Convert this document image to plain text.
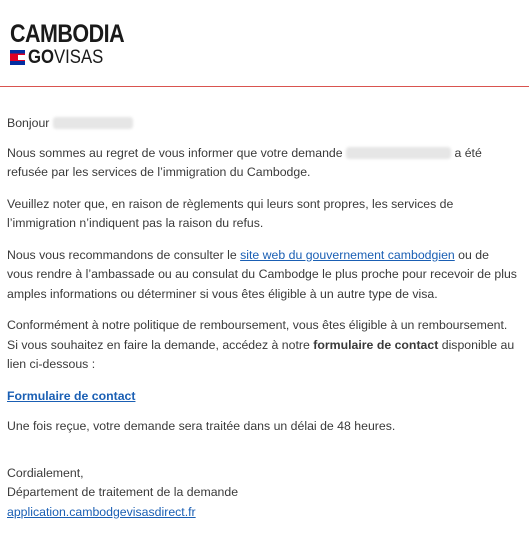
CAMBODIA
GO VISAS

Bonjour

Nous sommes au regret de vous informer que votre demande	a été refusée par les services de l’immigration du Cambodge.

Veuillez noter que, en raison de règlements qui leurs sont propres, les services de l’immigration n’indiquent pas la raison du refus.

Nous vous recommandons de consulter le site web du gouvernement cambodgien ou de vous rendre à l’ambassade ou au consulat du Cambodge le plus proche pour recevoir de plus amples informations ou déterminer si vous êtes éligible à un autre type de visa.

Conformément à notre politique de remboursement, vous êtes éligible à un remboursement. Si vous souhaitez en faire la demande, accédez à notre formulaire de contact disponible au lien ci-dessous :

Formulaire de contact

Une fois reçue, votre demande sera traitée dans un délai de 48 heures.

Cordialement,
Département de traitement de la demande
application.cambodgevisasdirect.fr
